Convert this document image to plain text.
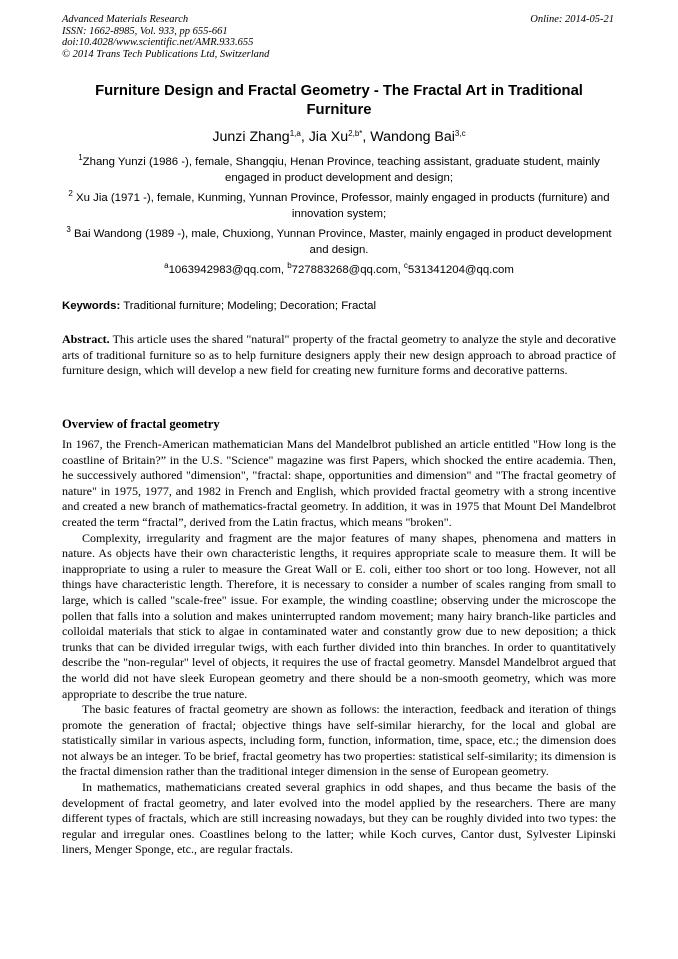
Advanced Materials Research
ISSN: 1662-8985, Vol. 933, pp 655-661
doi:10.4028/www.scientific.net/AMR.933.655
© 2014 Trans Tech Publications Ltd, Switzerland
Online: 2014-05-21
Furniture Design and Fractal Geometry - The Fractal Art in Traditional Furniture
Junzi Zhang$^{1,a}$, Jia $Xu^{2,b*}$, Wandong Bai$^{3,c}$
$^1$Zhang Yunzi (1986 -), female, Shangqiu, Henan Province, teaching assistant, graduate student, mainly engaged in product development and design;
$^2$ Xu Jia (1971 -), female, Kunming, Yunnan Province, Professor, mainly engaged in products (furniture) and innovation system;
$^3$ Bai Wandong (1989 -), male, Chuxiong, Yunnan Province, Master, mainly engaged in product development and design.
$^a$1063942983@qq.com, $^b$727883268@qq.com, $^c$531341204@qq.com
Keywords: Traditional furniture; Modeling; Decoration; Fractal

Abstract. This article uses the shared "natural" property of the fractal geometry to analyze the style and decorative arts of traditional furniture so as to help furniture designers apply their new design approach to abroad practice of furniture design, which will develop a new field for creating new furniture forms and decorative patterns.

Overview of fractal geometry

In 1967, the French-American mathematician Mans del Mandelbrot published an article entitled "How long is the coastline of Britain?” in the U.S. "Science" magazine was first Papers, which shocked the entire academia. Then, he successively authored "dimension", "fractal: shape, opportunities and dimension" and "The fractal geometry of nature" in 1975, 1977, and 1982 in French and English, which provided fractal geometry with a strong incentive and created a new branch of mathematics-fractal geometry. In addition, it was in 1975 that Mount Del Mandelbrot created the term “fractal”, derived from the Latin fractus, which means "broken".

Complexity, irregularity and fragment are the major features of many shapes, phenomena and matters in nature. As objects have their own characteristic lengths, it requires appropriate scale to measure them. It will be inappropriate to using a ruler to measure the Great Wall or E. coli, either too short or too long. However, not all things have characteristic length. Therefore, it is necessary to consider a number of scales ranging from small to large, which is called "scale-free" issue. For example, the winding coastline; observing under the microscope the pollen that falls into a solution and makes uninterrupted random movement; many hairy branch-like particles and colloidal materials that stick to algae in contaminated water and constantly grow due to new deposition; a thick trunks that can be divided irregular twigs, with each further divided into thin branches. In order to quantitatively describe the "non-regular" level of objects, it requires the use of fractal geometry. Mansdel Mandelbrot argued that the world did not have sleek European geometry and there should be a non-smooth geometry, which was more appropriate to describe the true nature.

The basic features of fractal geometry are shown as follows: the interaction, feedback and iteration of things promote the generation of fractal; objective things have self-similar hierarchy, for the local and global are statistically similar in various aspects, including form, function, information, time, space, etc.; the dimension does not always be an integer. To be brief, fractal geometry has two properties: statistical self-similarity; its dimension is the fractal dimension rather than the traditional integer dimension in the sense of European geometry.

In mathematics, mathematicians created several graphics in odd shapes, and thus became the basis of the development of fractal geometry, and later evolved into the model applied by the researchers. There are many different types of fractals, which are still increasing nowadays, but they can be roughly divided into two types: the regular and irregular ones. Coastlines belong to the latter; while Koch curves, Cantor dust, Sylvester Lipinski liners, Menger Sponge, etc., are regular fractals.
